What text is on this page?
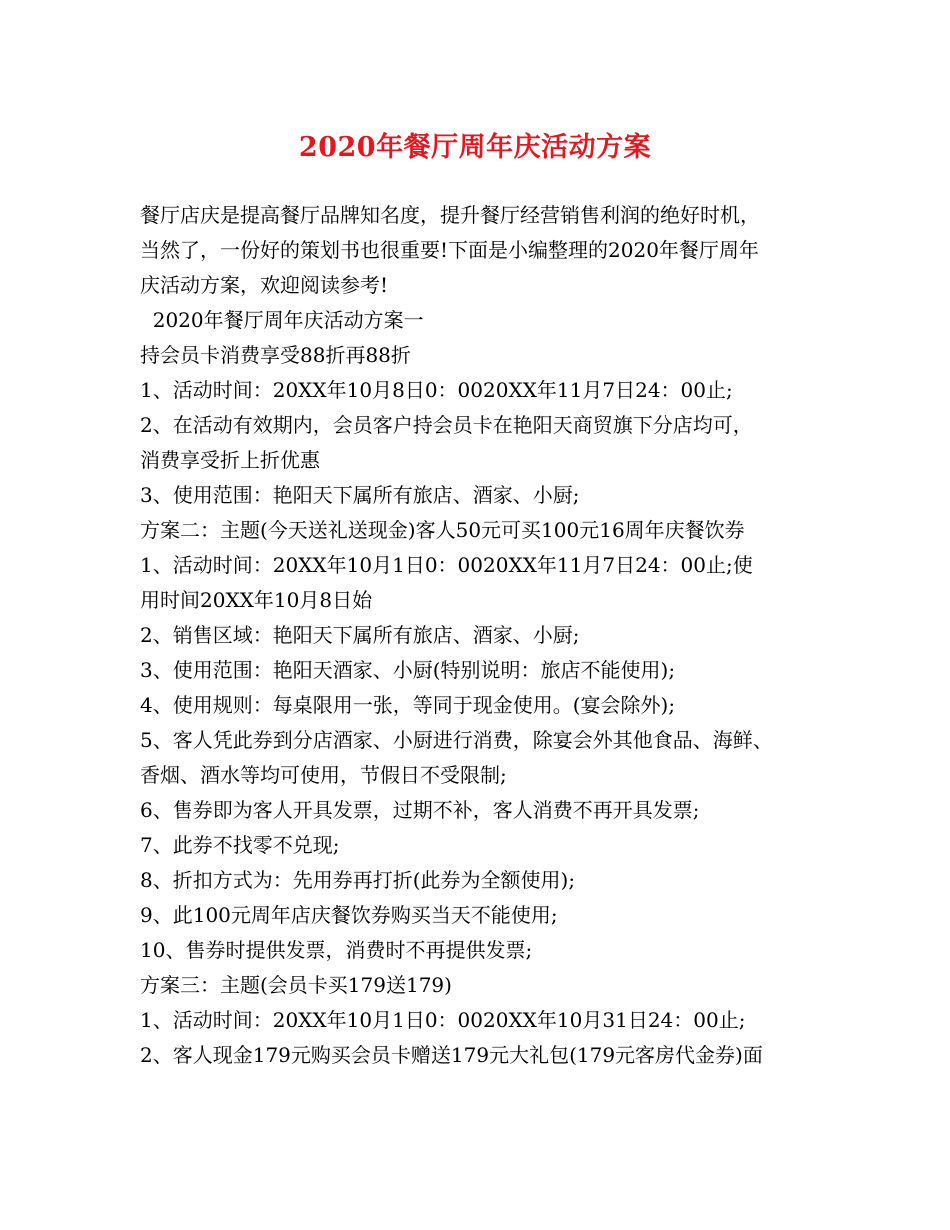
2020年餐厅周年庆活动方案
餐厅店庆是提高餐厅品牌知名度，提升餐厅经营销售利润的绝好时机，
当然了，一份好的策划书也很重要!下面是小编整理的2020年餐厅周年
庆活动方案，欢迎阅读参考!
2020年餐厅周年庆活动方案一
持会员卡消费享受88折再88折
1、活动时间：20XX年10月8日0：0020XX年11月7日24：00止;
2、在活动有效期内，会员客户持会员卡在艳阳天商贸旗下分店均可，
消费享受折上折优惠
3、使用范围：艳阳天下属所有旅店、酒家、小厨;
方案二：主题(今天送礼送现金)客人50元可买100元16周年庆餐饮券
1、活动时间：20XX年10月1日0：0020XX年11月7日24：00止;使
用时间20XX年10月8日始
2、销售区域：艳阳天下属所有旅店、酒家、小厨;
3、使用范围：艳阳天酒家、小厨(特别说明：旅店不能使用);
4、使用规则：每桌限用一张，等同于现金使用。(宴会除外);
5、客人凭此券到分店酒家、小厨进行消费，除宴会外其他食品、海鲜、
香烟、酒水等均可使用，节假日不受限制;
6、售券即为客人开具发票，过期不补，客人消费不再开具发票;
7、此券不找零不兑现;
8、折扣方式为：先用券再打折(此券为全额使用);
9、此100元周年店庆餐饮券购买当天不能使用;
10、售券时提供发票，消费时不再提供发票;
方案三：主题(会员卡买179送179)
1、活动时间：20XX年10月1日0：0020XX年10月31日24：00止;
2、客人现金179元购买会员卡赠送179元大礼包(179元客房代金券)面
